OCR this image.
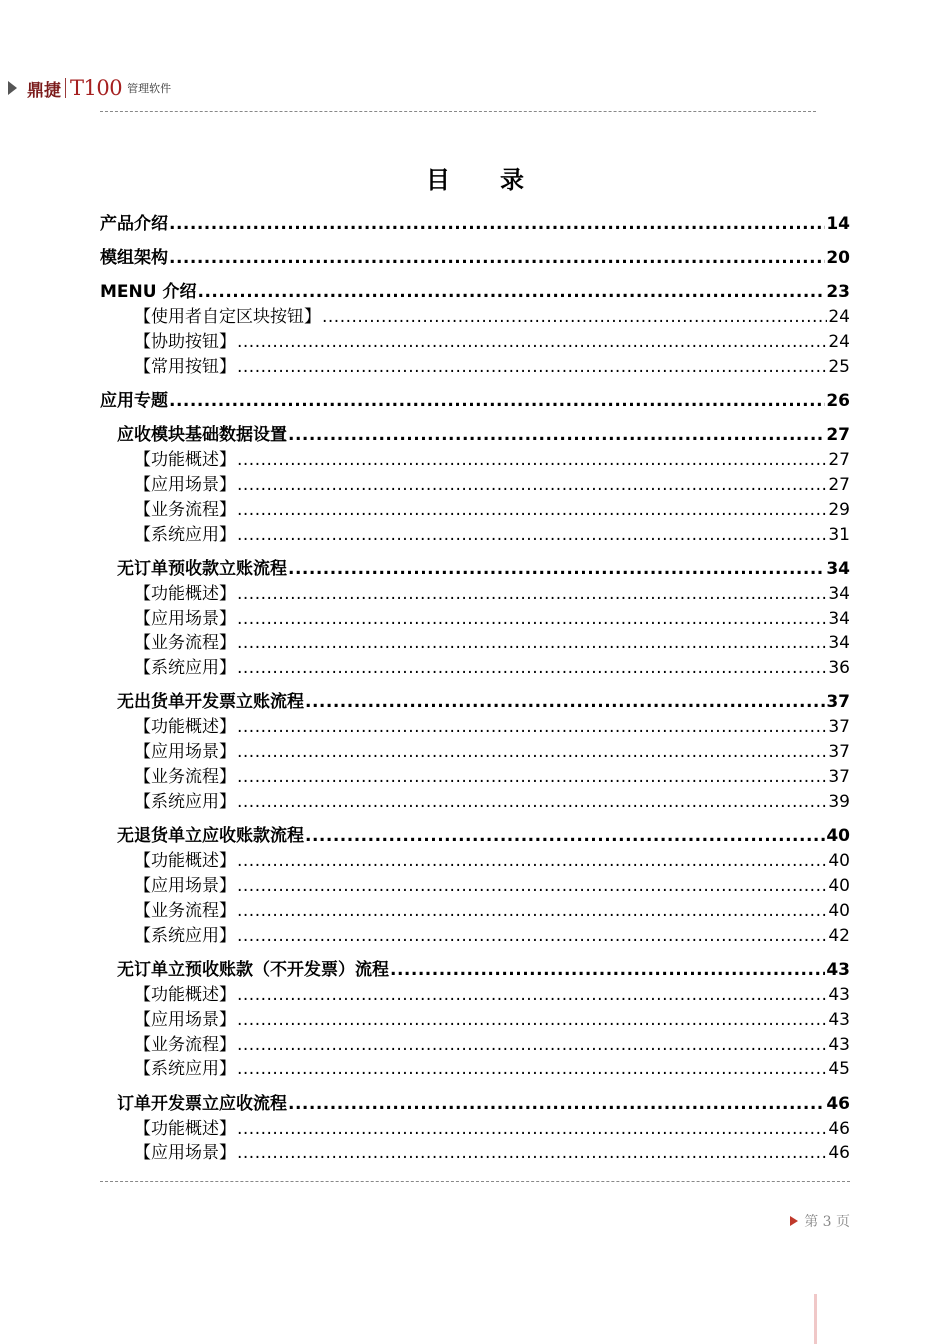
鼎捷 T100 管理软件
目录
产品介绍 .....	14
模组架构 .....	20
MENU 介绍 .....	23
【使用者自定区块按钮】 .....	24
【协助按钮】 .....	24
【常用按钮】 .....	25
应用专题 .....	26
应收模块基础数据设置 .....	27
【功能概述】 .....	27
【应用场景】 .....	27
【业务流程】 .....	29
【系统应用】 .....	31
无订单预收款立账流程 .....	34
【功能概述】 .....	34
【应用场景】 .....	34
【业务流程】 .....	34
【系统应用】 .....	36
无出货单开发票立账流程 .....	37
【功能概述】 .....	37
【应用场景】 .....	37
【业务流程】 .....	37
【系统应用】 .....	39
无退货单立应收账款流程 .....	40
【功能概述】 .....	40
【应用场景】 .....	40
【业务流程】 .....	40
【系统应用】 .....	42
无订单立预收账款（不开发票）流程 .....	43
【功能概述】 .....	43
【应用场景】 .....	43
【业务流程】 .....	43
【系统应用】 .....	45
订单开发票立应收流程 .....	46
【功能概述】 .....	46
【应用场景】 .....	46
第 3 页
